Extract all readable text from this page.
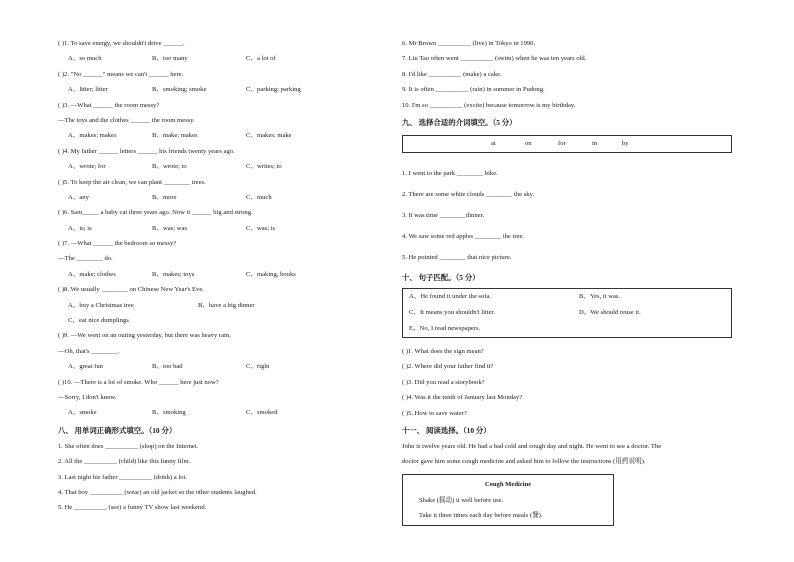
( )1. To save energy, we shouldn't drive ______.
A、so much	B、too many	C、a lot of
( )2. "No ______" means we can't ______ here.
A、litter; litter	B、smoking; smoke	C、parking; parking
( )3. —What ______ the room messy?
—The toys and the clothes ______ the room messy.
A、makes; makes	B、make; makes	C、makes; make
( )4. My father ______ letters ______ his friends twenty years ago.
A、wrote; for	B、wrote; to	C、writes; to
( )5. To keep the air clean, we can plant ________ trees.
A、any	B、more	C、much
( )6. Sam_____ a baby cat three years ago. Now it ______ big and strong.
A、is; is	B、was; was	C、was; is
( )7. —What ______ the bedroom so messy?
—The ________ do.
A、make; clothes	B、makes; toys	C、making, books
( )8. We usually ________ on Chinese New Year's Eve.
A、buy a Christmas tree	B、have a big dinner
C、eat nice dumplings
( )9. —We went on an outing yesterday, but there was heavy rain.
—Oh, that's ________.
A、great fun	B、too bad	C、right
( )10. —There is a lot of smoke. Who ______ here just now?
—Sorry, I don't know.
A、smoke	B、smoking	C、smoked
八、 用单词正确形式填空。（10 分）
1. She often does __________ (shop) on the Internet.
2. All the __________ (child) like this funny film.
3. Last night his father __________ (drink) a lot.
4. That boy __________ (wear) an old jacket so the other students laughed.
5. He __________ (see) a funny TV show last weekend.
6. Mr Brown __________ (live) in Tokyo in 1990.
7. Liu Tao often went __________ (swim) when he was ten years old.
8. I'd like __________ (make) a cake.
9. It is often __________ (rain) in summer in Pudong.
10. I'm so __________ (excite) because tomorrow is my birthday.
九、 选择合适的介词填空。（5 分）
at	on	for	in	by
1. I went to the park ________ bike.
2. There are some white clouds ________ the sky.
3. It was time ________dinner.
4. We saw some red apples ________ the tree.
5. He pointed ________ that nice picture.
十、 句子匹配。（5 分）
A、He found it under the sofa.	B、Yes, it was.
C、It means you shouldn't litter.	D、We should reuse it.
E、No, I read newspapers.
( )1. What does the sign mean?
( )2. Where did your father find it?
( )3. Did you read a storybook?
( )4. Was it the tenth of January last Monday?
( )5. How to save water?
十一、 阅读选择。（10 分）
John is twelve years old. He had a bad cold and cough day and night. He went to see a doctor. The
doctor gave him some cough medicine and asked him to follow the instructions (用药说明).
Cough Medicine
Shake (摇动) it well before use.
Take it three times each day before meals (餐).
